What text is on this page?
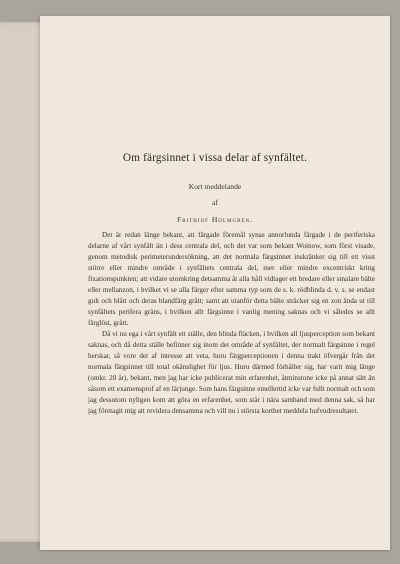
Om färgsinnet i vissa delar af synfältet.
Kort meddelande
af
Frithiof Holmgren.

Det är redan länge bekant, att färgade föremål synas annorlunda färgade i de periferiska delarne af vårt synfält än i dess centrala del, och det var som bekant Woinow, som först visade, genom metodisk perimeterundersökning, att det normala färgsinnet inskränker sig till ett visst större eller mindre område i synfältets centrala del, mer eller mindre excentriskt kring fixationspunkten; att vidare utomkring detsamma åt alla håll vidtager ett bredare eller smalare bälte eller mellanzon, i hvilket vi se alla färger efter samma typ som de s. k. rödblinda d. v. s. se endast gult och blått och deras blandfärg grått; samt att utanför detta bälte sträcker sig en zon ända ut till synfältets perifera gräns, i hvilken allt färgsinne i vanlig mening saknas och vi således se allt färglöst, grått.

Då vi nu ega i vårt synfält ett ställe, den blinda fläcken, i hvilken all ljusperception som bekant saknas, och då detta ställe befinner sig inom det område af synfältet, der normalt färgsinne i regel herskar, så vore det af intresse att veta, huru färgperceptionen i denna trakt öfvergår från det normala färgsinnet till total okänslighet för ljus. Huru därmed förhåller sig, har varit mig länge (omkr. 20 år), bekant, men jag har icke publicerat min erfarenhet, åtminstone icke på annat sätt än såsom ett examensprof af en lärjunge. Som hans färgsinne emellertid icke var fullt normalt och som jag dessutom nyligen kom att göra en erfarenhet, som står i nära samband med denna sak, så har jag företagit mig att revidera densamma och vill nu i största korthet meddela hufvudresultatet.
